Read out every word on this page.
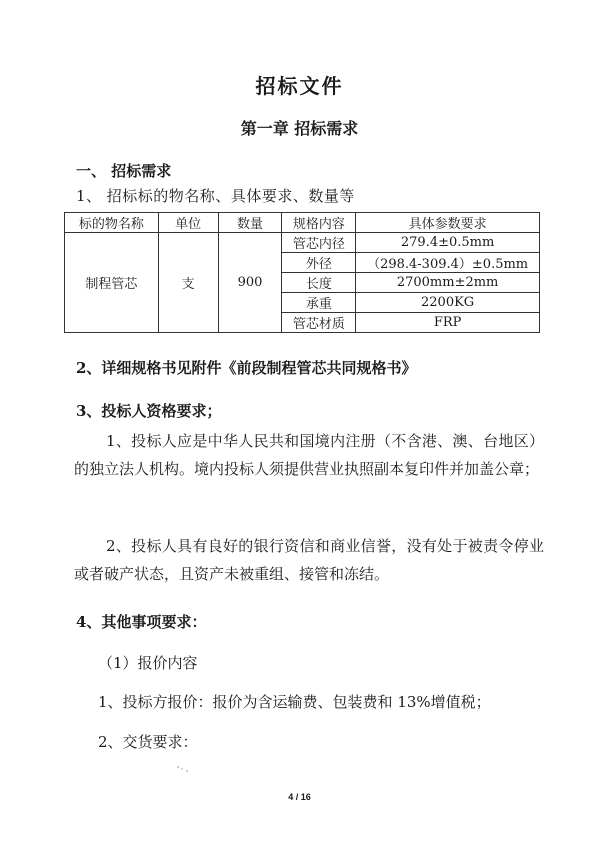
招标文件
第一章 招标需求
一、 招标需求
1、 招标标的物名称、具体要求、数量等
标的物名称	单位	数量	规格内容	具体参数要求
制程管芯	支	900	管芯内径	279.4±0.5mm
			外径	（298.4-309.4）±0.5mm
			长度	2700mm±2mm
			承重	2200KG
			管芯材质	FRP
2、详细规格书见附件《前段制程管芯共同规格书》
3、投标人资格要求；
1、投标人应是中华人民共和国境内注册（不含港、澳、台地区）的独立法人机构。境内投标人须提供营业执照副本复印件并加盖公章；
2、投标人具有良好的银行资信和商业信誉，没有处于被责令停业或者破产状态，且资产未被重组、接管和冻结。
4、其他事项要求：
（1）报价内容
1、投标方报价：报价为含运输费、包装费和 13%增值税；
2、交货要求：
4 / 16
